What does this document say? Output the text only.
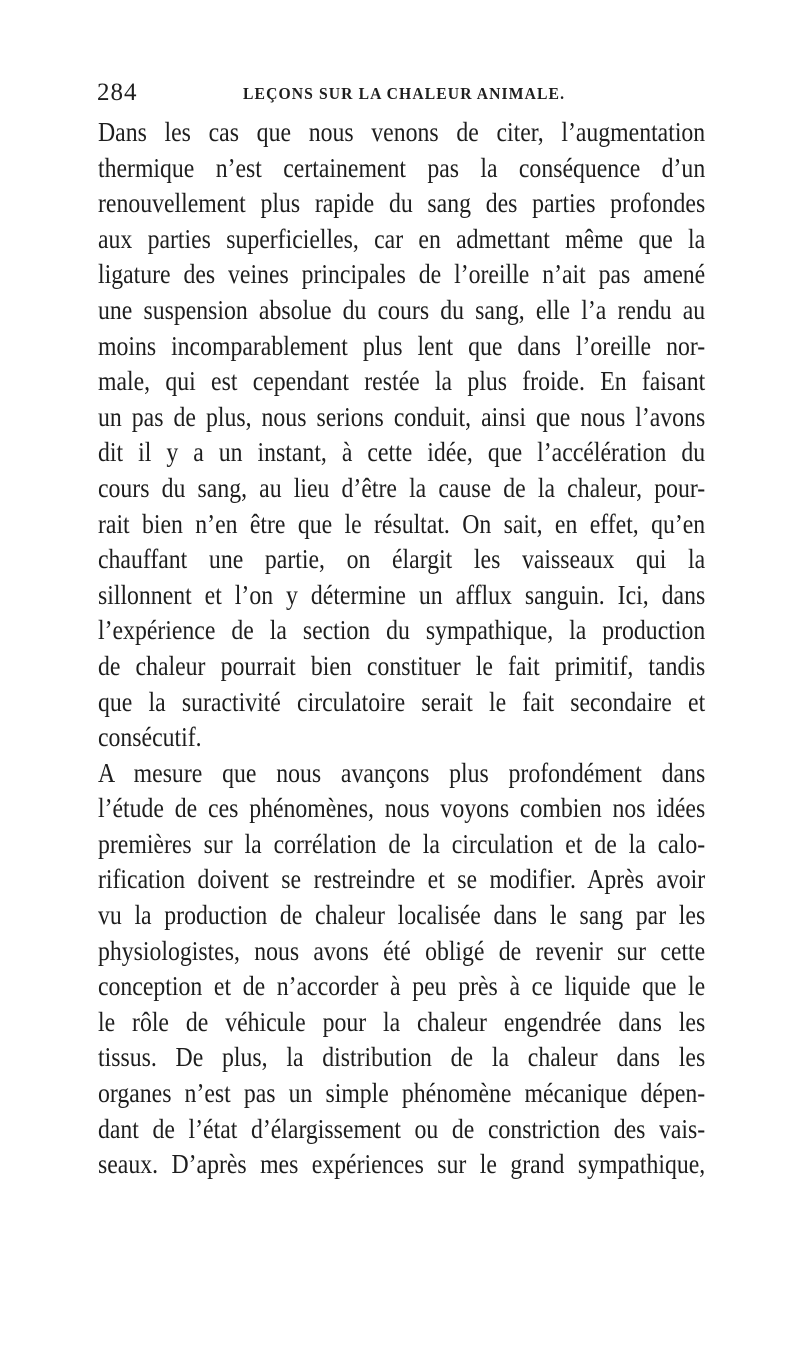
284	LEÇONS SUR LA CHALEUR ANIMALE.
Dans les cas que nous venons de citer, l’augmentation
thermique n’est certainement pas la conséquence d’un
renouvellement plus rapide du sang des parties profondes
aux parties superficielles, car en admettant même que la
ligature des veines principales de l’oreille n’ait pas amené
une suspension absolue du cours du sang, elle l’a rendu au
moins incomparablement plus lent que dans l’oreille nor-
male, qui est cependant restée la plus froide. En faisant
un pas de plus, nous serions conduit, ainsi que nous l’avons
dit il y a un instant, à cette idée, que l’accélération du
cours du sang, au lieu d’être la cause de la chaleur, pour-
rait bien n’en être que le résultat. On sait, en effet, qu’en
chauffant une partie, on élargit les vaisseaux qui la
sillonnent et l’on y détermine un afflux sanguin. Ici, dans
l’expérience de la section du sympathique, la production
de chaleur pourrait bien constituer le fait primitif, tandis
que la suractivité circulatoire serait le fait secondaire et
consécutif.
A mesure que nous avançons plus profondément dans
l’étude de ces phénomènes, nous voyons combien nos idées
premières sur la corrélation de la circulation et de la calo-
rification doivent se restreindre et se modifier. Après avoir
vu la production de chaleur localisée dans le sang par les
physiologistes, nous avons été obligé de revenir sur cette
conception et de n’accorder à peu près à ce liquide que le
le rôle de véhicule pour la chaleur engendrée dans les
tissus. De plus, la distribution de la chaleur dans les
organes n’est pas un simple phénomène mécanique dépen-
dant de l’état d’élargissement ou de constriction des vais-
seaux. D’après mes expériences sur le grand sympathique,
